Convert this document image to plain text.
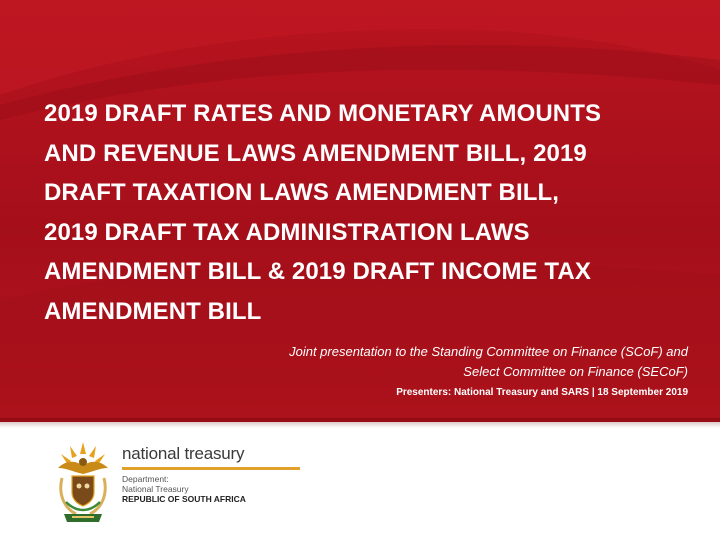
2019 DRAFT RATES AND MONETARY AMOUNTS
AND REVENUE LAWS AMENDMENT BILL, 2019
DRAFT TAXATION LAWS AMENDMENT BILL,
2019 DRAFT TAX ADMINISTRATION LAWS
AMENDMENT BILL & 2019 DRAFT INCOME TAX
AMENDMENT BILL
Joint presentation to the Standing Committee on Finance (SCoF) and
Select Committee on Finance (SECoF)
Presenters: National Treasury and SARS | 18 September 2019
national treasury
Department:
National Treasury
REPUBLIC OF SOUTH AFRICA
